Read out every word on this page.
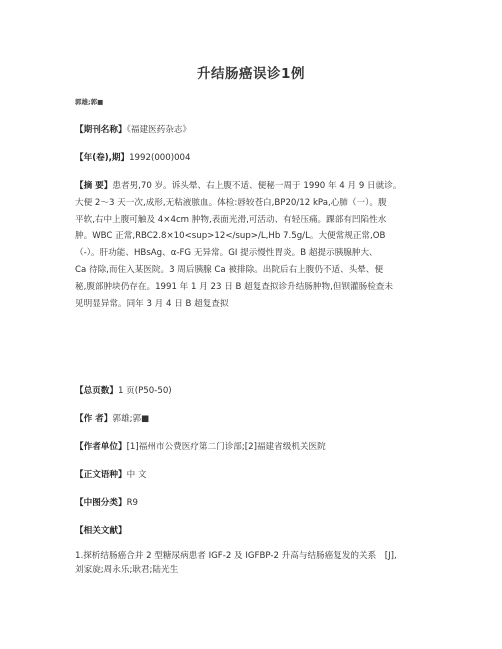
升结肠癌误诊1例
郭雄;郭■
【期刊名称】《福建医药杂志》
【年(卷),期】1992(000)004

【摘 要】患者男,70 岁。诉头晕、右上腹不适、便秘一周于 1990 年 4 月 9 日就诊。

大便 2～3 天一次,成形,无粘液脓血。体检:唇较苍白,BP20/12 kPa,心肺（一）。腹

平软,右中上腹可触及 4×4cm 肿物,表面光滑,可活动、有轻压痛。踝部有凹陷性水

肿。WBC 正常,RBC2.8×10<sup>12</sup>/L,Hb 7.5g/L。大便常规正常,OB

（-）。肝功能、HBsAg、α-FG 无异常。GI 提示慢性胃炎。B 超提示胰腺肿大、

Ca 待除,而住入某医院。3 周后胰腺 Ca 被排除。出院后右上腹仍不适、头晕、便

秘,腹部肿块仍存在。1991 年 1 月 23 日 B 超复查拟诊升结肠肿物,但钡灌肠检查未

见明显异常。同年 3 月 4 日 B 超复查拟

【总页数】1 页(P50-50)
【作 者】郭雄;郭■
【作者单位】[1]福州市公费医疗第二门诊部;[2]福建省级机关医院
【正文语种】中 文
【中图分类】R9
【相关文献】
1.探析结肠癌合并 2 型糖尿病患者 IGF-2 及 IGFBP-2 升高与结肠癌复发的关系　[J],
刘家旋;周永乐;耿君;陆光生
